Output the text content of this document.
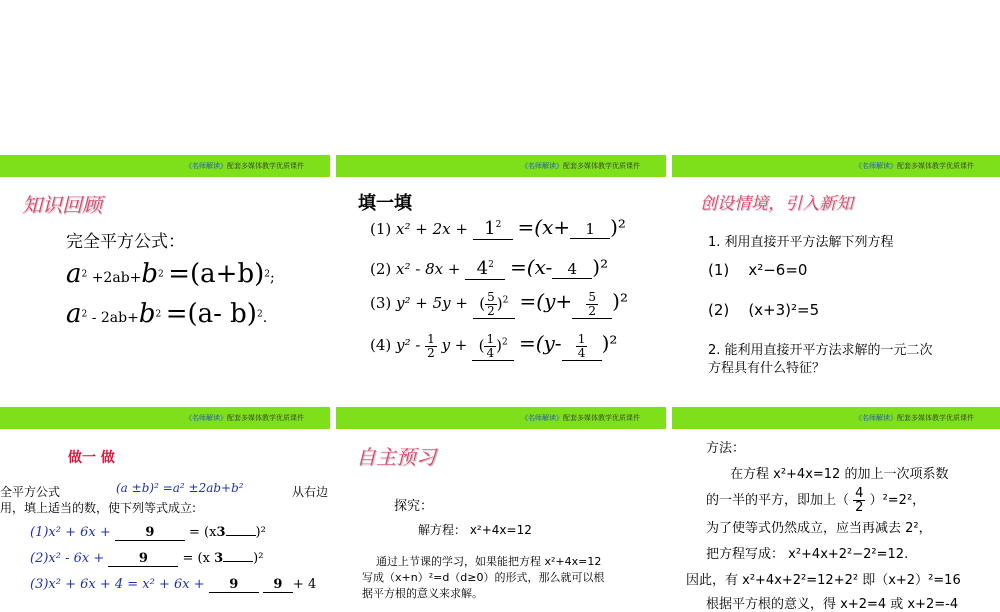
《名师解读》配套多媒体教学优质课件
知识回顾
完全平方公式：
$a^2 +2ab+b^2 =(a+b)^2$;
$a^2 - 2ab+b^2 =(a-$ b)$^2$.
《名师解读》配套多媒体教学优质课件
填一填
(1) $x^2 + 2x + 1^2 =(x+ 1$ )²
(2) $x^2 - 8x + 4^2 =(x-$ 4 )²
(3) y² + 5y + ( $\frac{5}{2} )^2 =(y+ \frac{5}{2} )^2$
(4) $y^2 - \frac{1}{2}$ y + ( $\frac{1}{4} )^2 =(y- \frac{1}{4} )^2$
《名师解读》配套多媒体教学优质课件
创设情境，引入新知
1. 利用直接开平方法解下列方程
(1) x²−6=0
(2) (x+3)²=5
2. 能利用直接开平方法求解的一元二次
方程具有什么特征？
《名师解读》配套多媒体教学优质课件
做一 做
全平方公式	(a ±b)² =a² ±2ab+b²	从右边
用，填上适当的数，使下列等式成立:
(1)x² + 6x +	9	= (x3 )²
(2)x² - 6x +	9	= (x 3 )²
(3)x² + 6x + 4 = x² + 6x + 9	9 + 4
《名师解读》配套多媒体教学优质课件
自主预习
探究：
解方程： x²+4x=12
通过上节课的学习，如果能把方程 x²+4x=12
写成（x+n）²=d（d≥0）的形式，那么就可以根
据平方根的意义来求解。
《名师解读》配套多媒体教学优质课件
方法：
在方程 x²+4x=12 的加上一次项系数
的一半的平方，即加上（ $\frac{4}{2} )^2=2^2$，
为了使等式仍然成立，应当再减去 2²，
把方程写成： x²+4x+2²−2²=12.
因此，有 x²+4x+2²=12+2² 即（x+2）²=16
根据平方根的意义，得 x+2=4 或 x+2=-4
